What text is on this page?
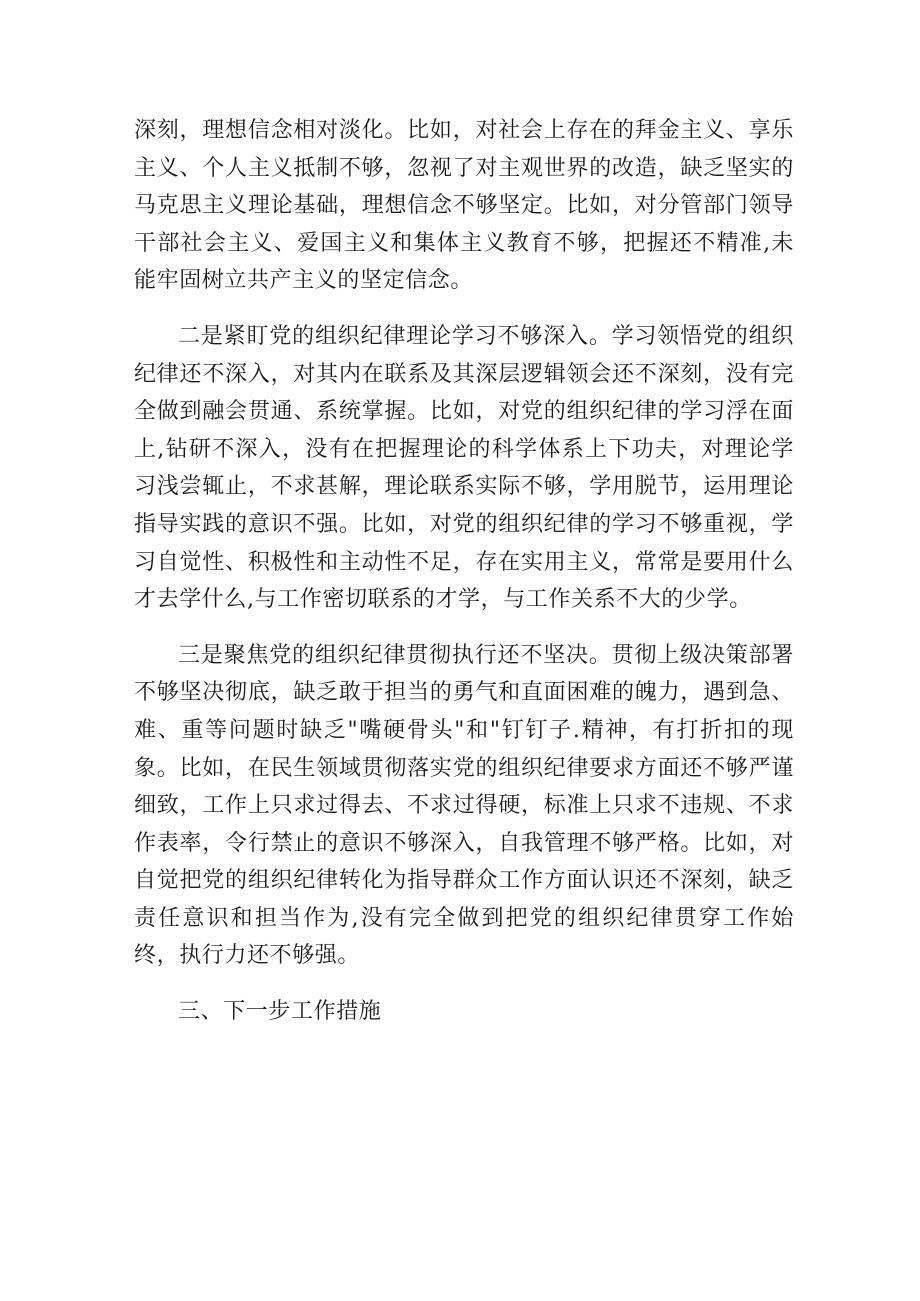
深刻，理想信念相对淡化。比如，对社会上存在的拜金主义、享乐主义、个人主义抵制不够，忽视了对主观世界的改造，缺乏坚实的马克思主义理论基础，理想信念不够坚定。比如，对分管部门领导干部社会主义、爱国主义和集体主义教育不够，把握还不精准,未能牢固树立共产主义的坚定信念。

二是紧盯党的组织纪律理论学习不够深入。学习领悟党的组织纪律还不深入，对其内在联系及其深层逻辑领会还不深刻，没有完全做到融会贯通、系统掌握。比如，对党的组织纪律的学习浮在面上,钻研不深入，没有在把握理论的科学体系上下功夫，对理论学习浅尝辄止，不求甚解，理论联系实际不够，学用脱节，运用理论指导实践的意识不强。比如，对党的组织纪律的学习不够重视，学习自觉性、积极性和主动性不足，存在实用主义，常常是要用什么才去学什么,与工作密切联系的才学，与工作关系不大的少学。

三是聚焦党的组织纪律贯彻执行还不坚决。贯彻上级决策部署不够坚决彻底，缺乏敢于担当的勇气和直面困难的魄力，遇到急、难、重等问题时缺乏"嘴硬骨头"和"钉钉子.精神，有打折扣的现象。比如，在民生领域贯彻落实党的组织纪律要求方面还不够严谨细致，工作上只求过得去、不求过得硬，标准上只求不违规、不求作表率，令行禁止的意识不够深入，自我管理不够严格。比如，对自觉把党的组织纪律转化为指导群众工作方面认识还不深刻，缺乏责任意识和担当作为,没有完全做到把党的组织纪律贯穿工作始终，执行力还不够强。

三、下一步工作措施
